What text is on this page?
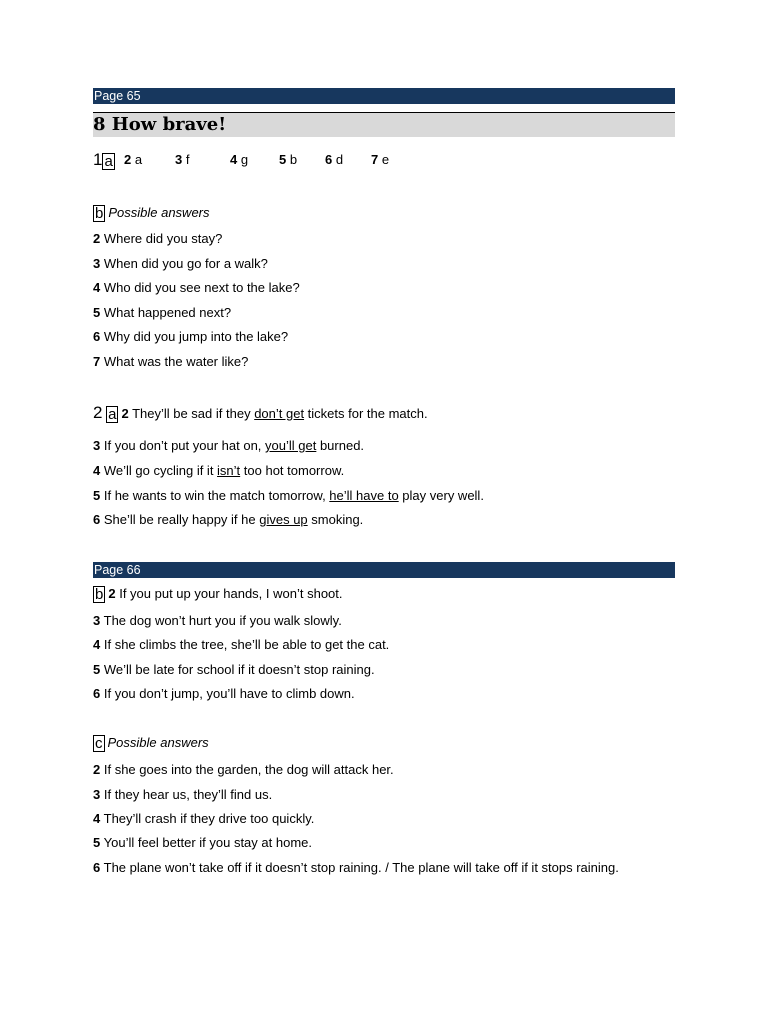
Page 65
8 How brave!
1 a 2 a	3 f	4 g 5 b 6 d 7 e
b Possible answers
2 Where did you stay?
3 When did you go for a walk?
4 Who did you see next to the lake?
5 What happened next?
6 Why did you jump into the lake?
7 What was the water like?
2 a 2 They’ll be sad if they don’t get tickets for the match.
3 If you don’t put your hat on, you’ll get burned.
4 We’ll go cycling if it isn’t too hot tomorrow.
5 If he wants to win the match tomorrow, he’ll have to play very well.
6 She’ll be really happy if he gives up smoking.
Page 66
b 2 If you put up your hands, I won’t shoot.
3 The dog won’t hurt you if you walk slowly.
4 If she climbs the tree, she’ll be able to get the cat.
5 We’ll be late for school if it doesn’t stop raining.
6 If you don’t jump, you’ll have to climb down.
c Possible answers
2 If she goes into the garden, the dog will attack her.
3 If they hear us, they’ll find us.
4 They’ll crash if they drive too quickly.
5 You’ll feel better if you stay at home.
6 The plane won’t take off if it doesn’t stop raining. / The plane will take off if it stops raining.
